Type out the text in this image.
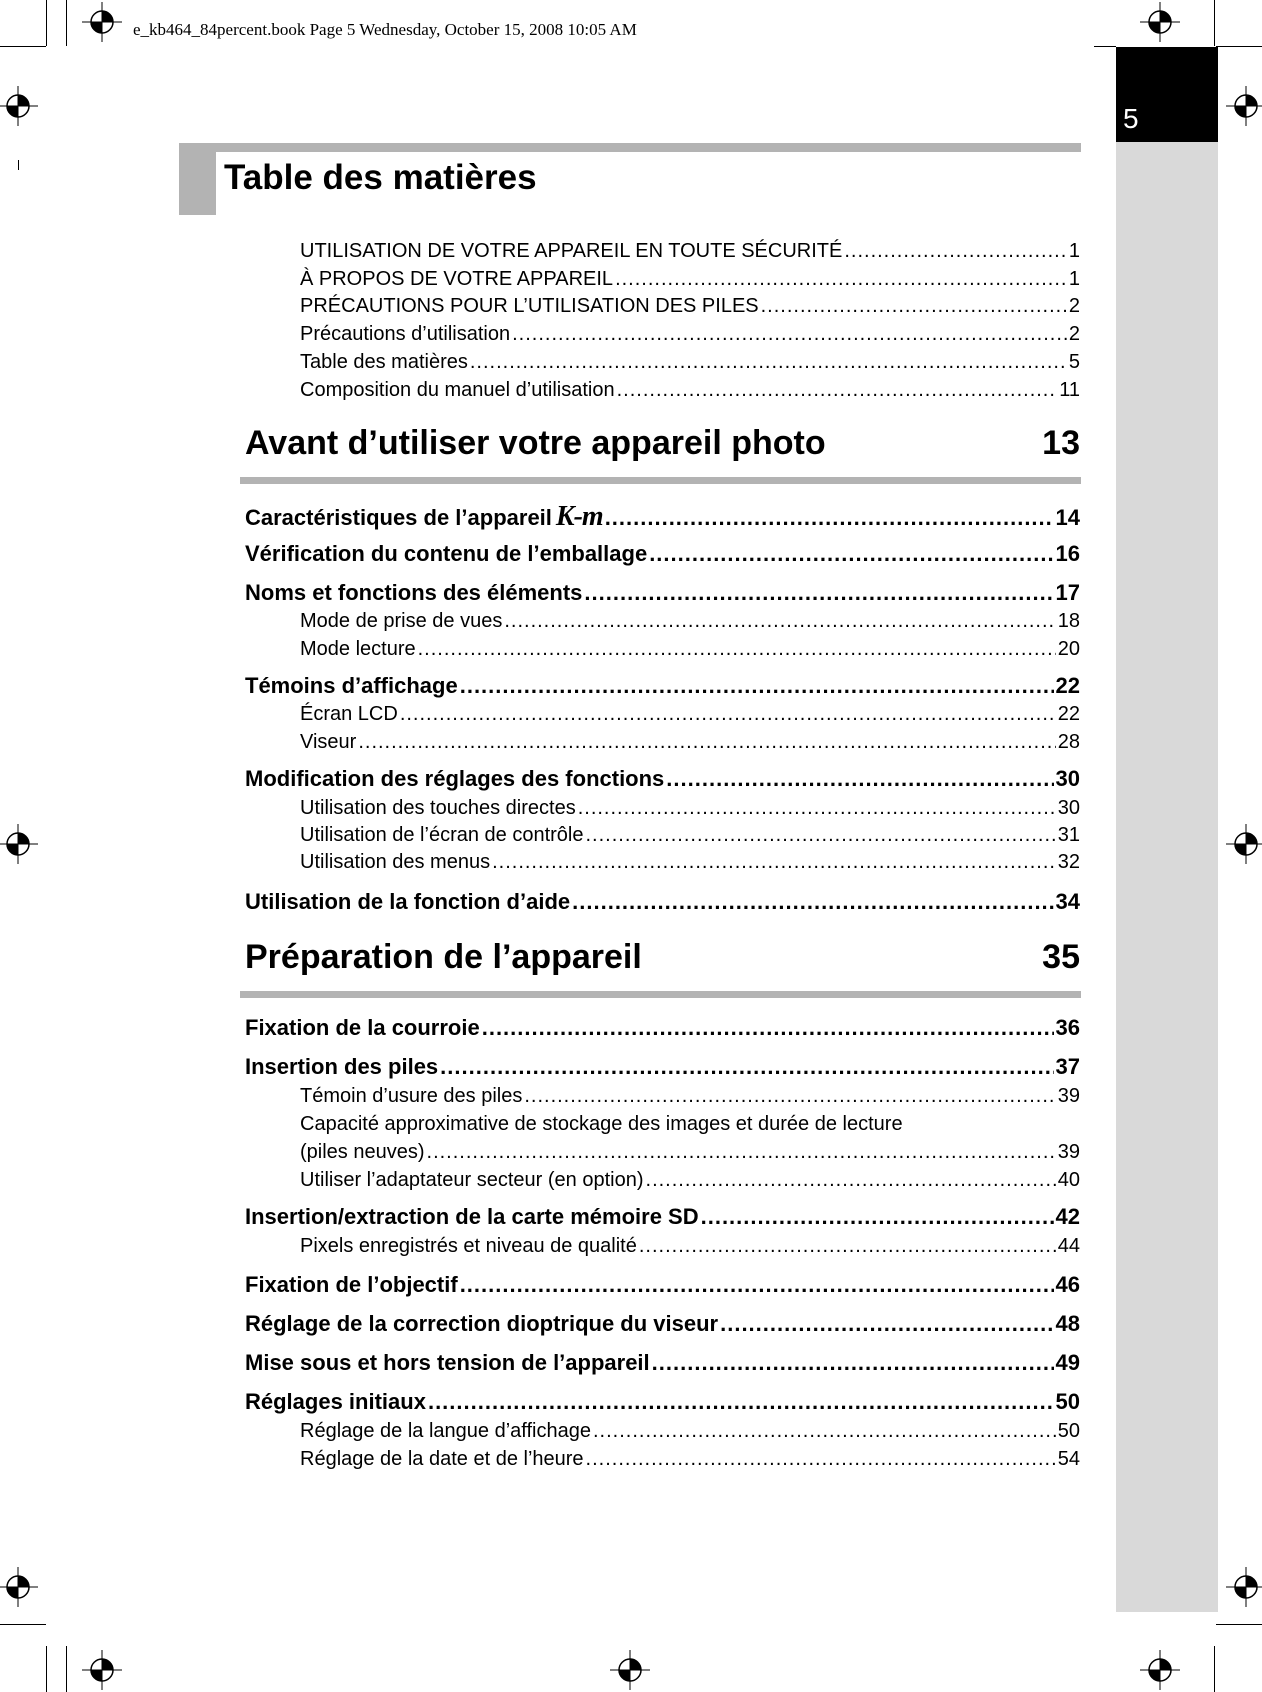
e_kb464_84percent.book Page 5 Wednesday, October 15, 2008 10:05 AM
5
Table des matières
UTILISATION DE VOTRE APPAREIL EN TOUTE SÉCURITÉ .....	1
À PROPOS DE VOTRE APPAREIL .....	1
PRÉCAUTIONS POUR L’UTILISATION DES PILES .....	2
Précautions d’utilisation .....	2
Table des matières .....	5
Composition du manuel d’utilisation .....	11
Avant d’utiliser votre appareil photo	13
Caractéristiques de l’appareil K-m .....	14
Vérification du contenu de l’emballage .....	16
Noms et fonctions des éléments .....	17
Mode de prise de vues .....	18
Mode lecture .....	20
Témoins d’affichage .....	22
Écran LCD .....	22
Viseur .....	28
Modification des réglages des fonctions .....	30
Utilisation des touches directes .....	30
Utilisation de l’écran de contrôle .....	31
Utilisation des menus .....	32
Utilisation de la fonction d’aide .....	34
Préparation de l’appareil	35
Fixation de la courroie .....	36
Insertion des piles .....	37
Témoin d’usure des piles .....	39
Capacité approximative de stockage des images et durée de lecture
(piles neuves) .....	39
Utiliser l’adaptateur secteur (en option) .....	40
Insertion/extraction de la carte mémoire SD .....	42
Pixels enregistrés et niveau de qualité .....	44
Fixation de l’objectif .....	46
Réglage de la correction dioptrique du viseur .....	48
Mise sous et hors tension de l’appareil .....	49
Réglages initiaux .....	50
Réglage de la langue d’affichage .....	50
Réglage de la date et de l’heure .....	54
